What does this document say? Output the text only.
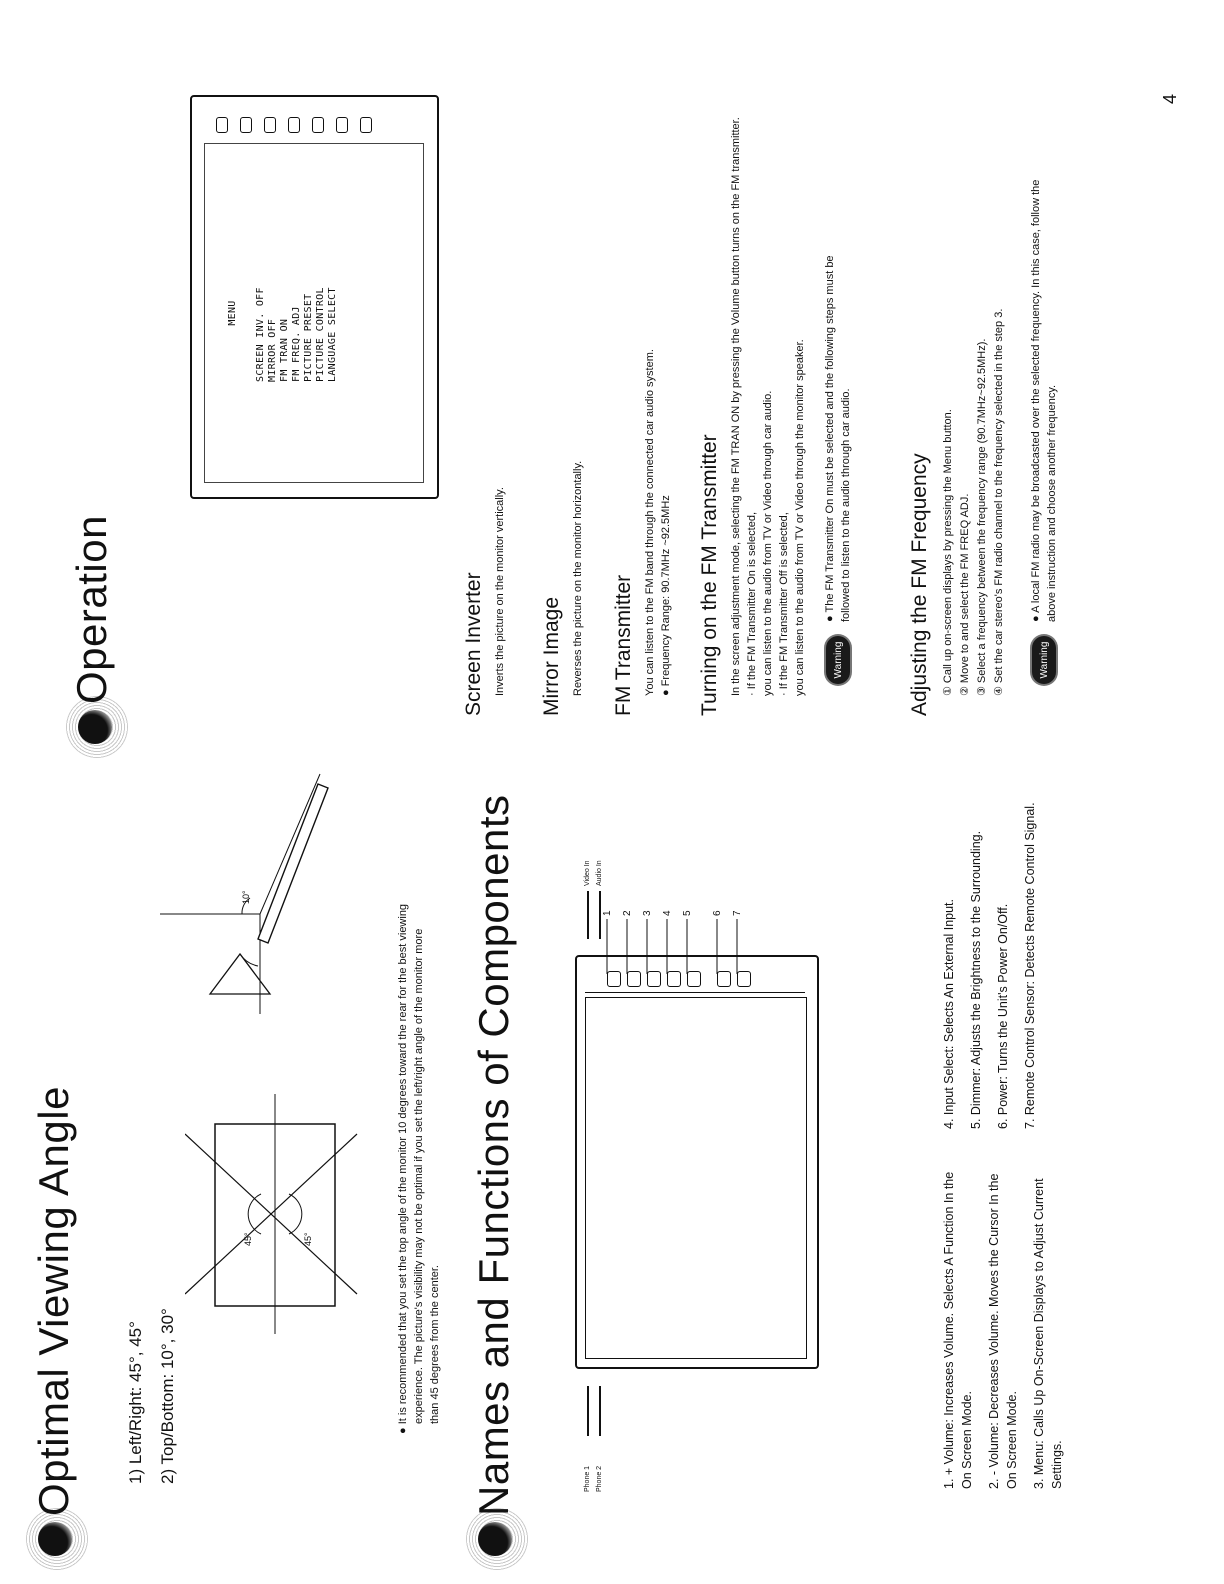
Optimal Viewing Angle	1) Left/Right: 45°, 45° 2) Top/Bottom: 10°, 30°
45°	45°
10°
● It is recommended that you set the top angle of the monitor 10 degrees toward the rear for the best viewing experience. The picture's visibility may not be optimal if you set the left/right angle of the monitor more than 45 degrees from the center. Names and Functions of Components	1 2 3 4 5	6 7
Phone 1 Phone 2
Video In Audio In
1. + Volume: Increases Volume. Selects A Function In the On Screen Mode. 2. - Volume: Decreases Volume. Moves the Cursor In the On Screen Mode. 3. Menu: Calls Up On-Screen Displays to Adjust Current Settings.
4. Input Select: Selects An External Input. 5. Dimmer: Adjusts the Brightness to the Surrounding. 6. Power: Turns the Unit's Power On/Off. 7. Remote Control Sensor: Detects Remote Control Signal.
Operation
MENU SCREEN INV. OFF MIRROR OFF FM TRAN ON FM FREQ. ADJ PICTURE PRESET PICTURE CONTROL LANGUAGE SELECT
Screen Inverter Inverts the picture on the monitor vertically. Mirror Image Reverses the picture on the monitor horizontally. FM Transmitter You can listen to the FM band through the connected car audio system. ● Frequency Range: 90.7MHz ~92.5MHz Turning on the FM Transmitter In the screen adjustment mode, selecting the FM TRAN ON by pressing the Volume button turns on the FM transmitter. · If the FM Transmitter On is selected, you can listen to the audio from TV or Video through car audio. · If the FM Transmitter Off is selected, you can listen to the audio from TV or Video through the monitor speaker.	Warning
● The FM Transmitter On must be selected and the following steps must be followed to listen to the audio through car audio.	Adjusting the FM Frequency ① Call up on-screen displays by pressing the Menu button. ② Move to and select the FM FREQ ADJ. ③ Select a frequency between the frequency range (90.7MHz~92.5MHz). ④ Set the car stereo's FM radio channel to the frequency selected in the step 3.	Warning
● A local FM radio may be broadcasted over the selected frequency. In this case, follow the above instruction and choose another frequency.
4
